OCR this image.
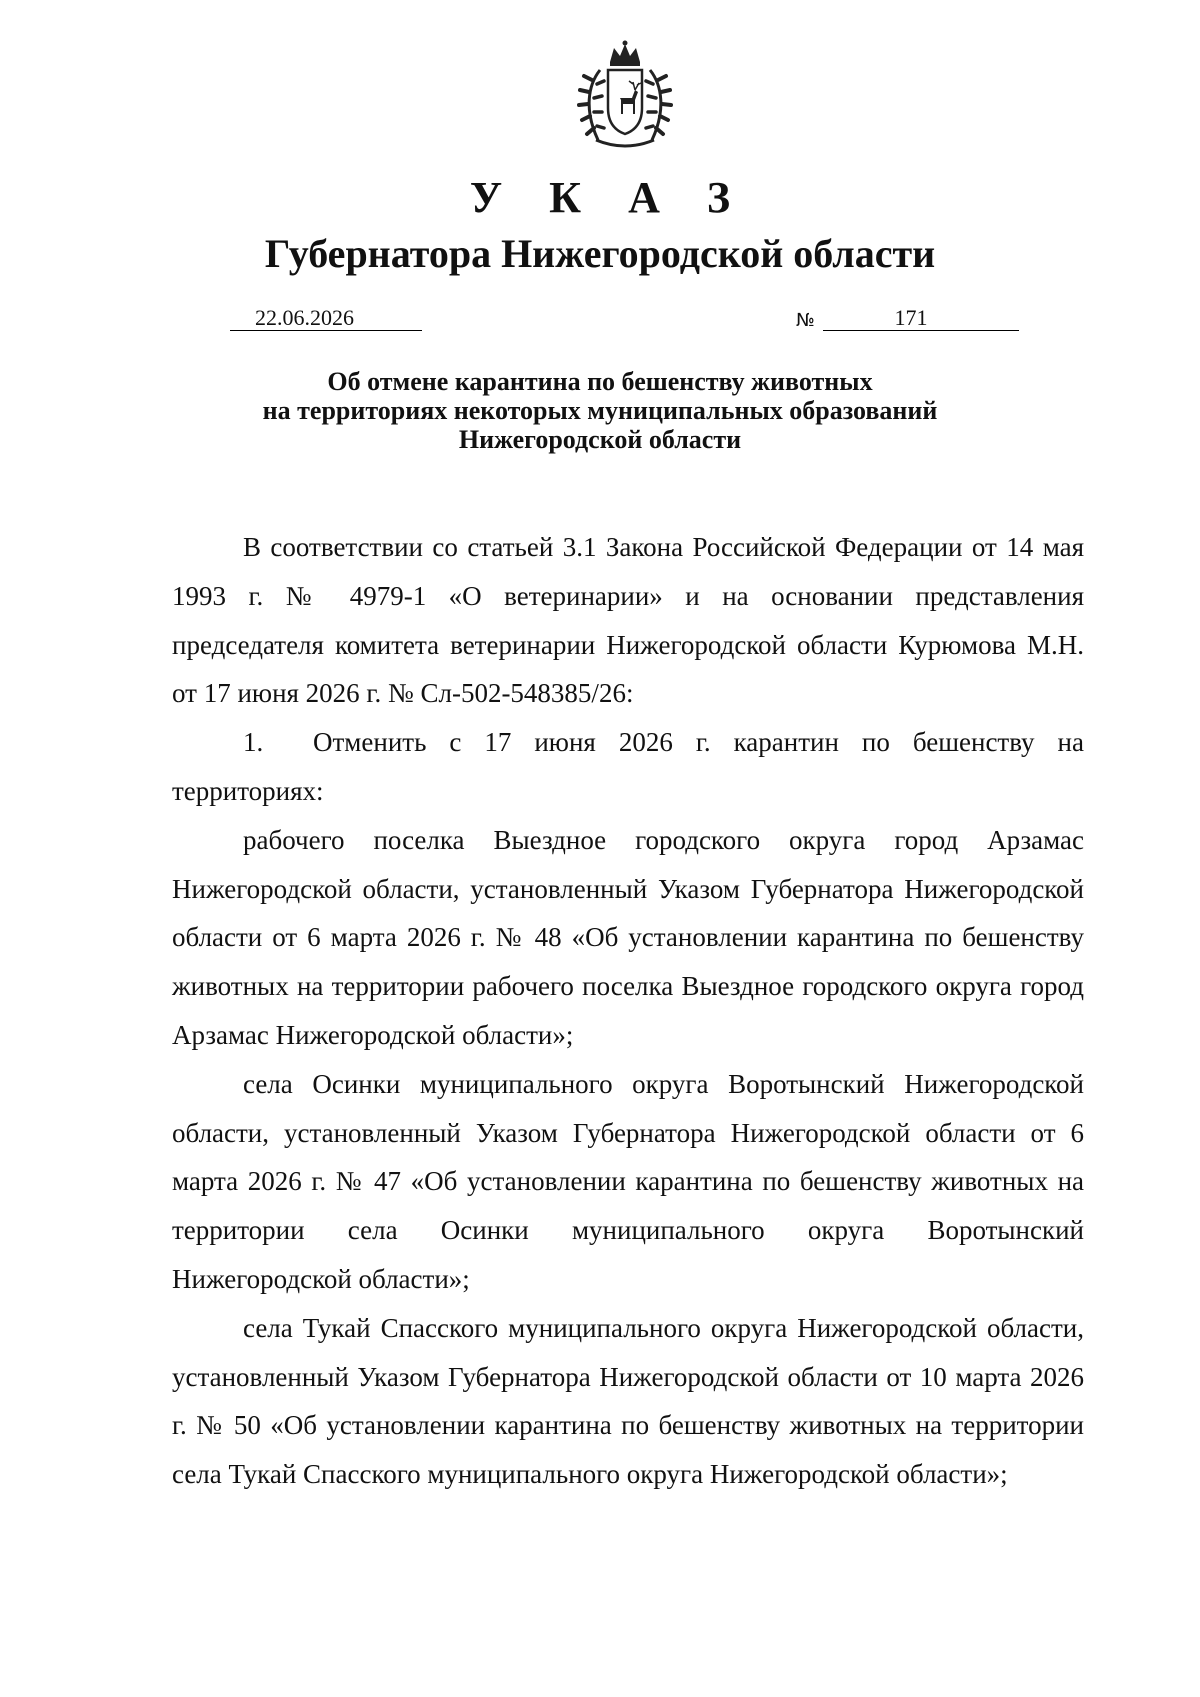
У К А З
Губернатора Нижегородской области
22.06.2026	№	171
Об отмене карантина по бешенству животных
на территориях некоторых муниципальных образований
Нижегородской области

В соответствии со статьей 3.1 Закона Российской Федерации от 14 мая 1993 г. № 4979-1 «О ветеринарии» и на основании представления председателя комитета ветеринарии Нижегородской области Курюмова М.Н. от 17 июня 2026 г. № Сл-502-548385/26:

1. Отменить с 17 июня 2026 г. карантин по бешенству на территориях:

рабочего поселка Выездное городского округа город Арзамас Нижегородской области, установленный Указом Губернатора Нижегородской области от 6 марта 2026 г. № 48 «Об установлении карантина по бешенству животных на территории рабочего поселка Выездное городского округа город Арзамас Нижегородской области»;

села Осинки муниципального округа Воротынский Нижегородской области, установленный Указом Губернатора Нижегородской области от 6 марта 2026 г. № 47 «Об установлении карантина по бешенству животных на территории села Осинки муниципального округа Воротынский Нижегородской области»;

села Тукай Спасского муниципального округа Нижегородской области, установленный Указом Губернатора Нижегородской области от 10 марта 2026 г. № 50 «Об установлении карантина по бешенству животных на территории села Тукай Спасского муниципального округа Нижегородской области»;
